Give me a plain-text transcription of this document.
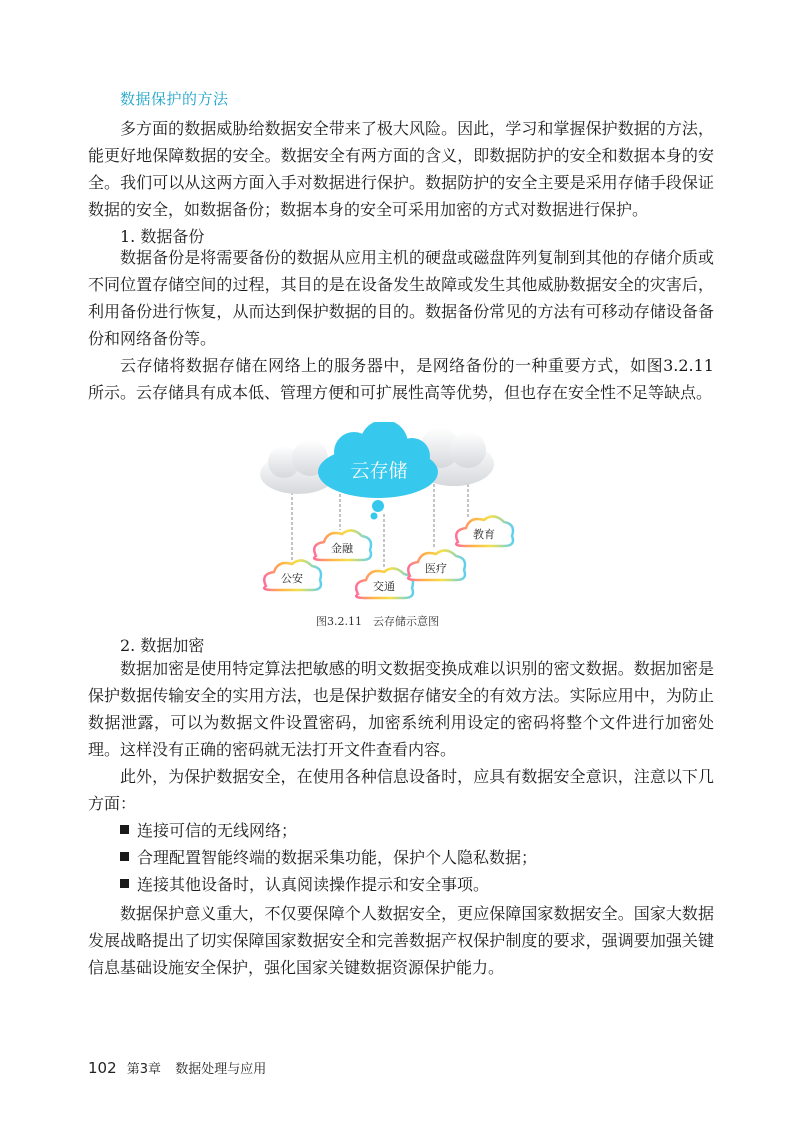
数据保护的方法

多方面的数据威胁给数据安全带来了极大风险。因此，学习和掌握保护数据的方法，能更好地保障数据的安全。数据安全有两方面的含义，即数据防护的安全和数据本身的安全。我们可以从这两方面入手对数据进行保护。数据防护的安全主要是采用存储手段保证数据的安全，如数据备份；数据本身的安全可采用加密的方式对数据进行保护。

1. 数据备份

数据备份是将需要备份的数据从应用主机的硬盘或磁盘阵列复制到其他的存储介质或不同位置存储空间的过程，其目的是在设备发生故障或发生其他威胁数据安全的灾害后，利用备份进行恢复，从而达到保护数据的目的。数据备份常见的方法有可移动存储设备备份和网络备份等。

云存储将数据存储在网络上的服务器中，是网络备份的一种重要方式，如图3.2.11所示。云存储具有成本低、管理方便和可扩展性高等优势，但也存在安全性不足等缺点。

云存储
公安
金融
交通
医疗
教育
图3.2.11　云存储示意图
2. 数据加密

数据加密是使用特定算法把敏感的明文数据变换成难以识别的密文数据。数据加密是保护数据传输安全的实用方法，也是保护数据存储安全的有效方法。实际应用中，为防止数据泄露，可以为数据文件设置密码，加密系统利用设定的密码将整个文件进行加密处理。这样没有正确的密码就无法打开文件查看内容。

此外，为保护数据安全，在使用各种信息设备时，应具有数据安全意识，注意以下几方面：

连接可信的无线网络；
合理配置智能终端的数据采集功能，保护个人隐私数据；
连接其他设备时，认真阅读操作提示和安全事项。

数据保护意义重大，不仅要保障个人数据安全，更应保障国家数据安全。国家大数据发展战略提出了切实保障国家数据安全和完善数据产权保护制度的要求，强调要加强关键信息基础设施安全保护，强化国家关键数据资源保护能力。

102 第3章 数据处理与应用
